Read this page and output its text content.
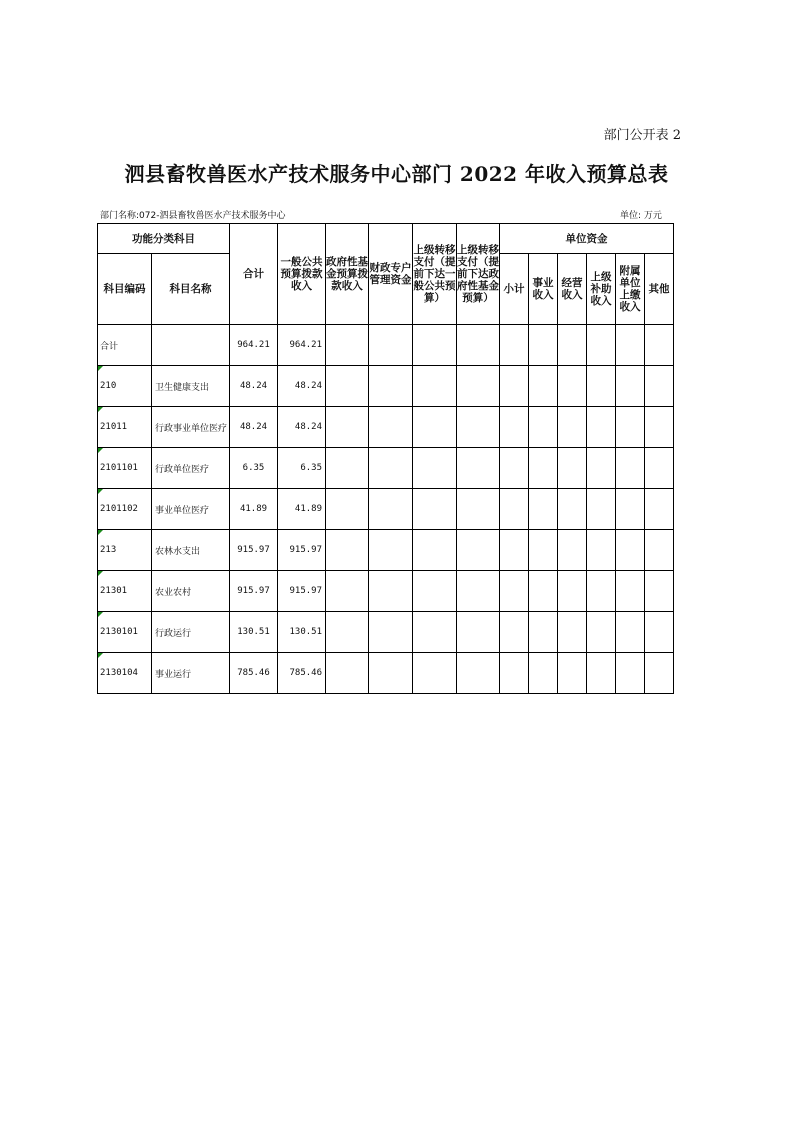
部门公开表 2
泗县畜牧兽医水产技术服务中心部门 2022 年收入预算总表
部门名称:072-泗县畜牧兽医水产技术服务中心	单位: 万元
功能分类科目		合计	一般公共预算拨款收入	政府性基金预算拨款收入	财政专户管理资金	上级转移支付（提前下达一般公共预算）	上级转移支付（提前下达政府性基金预算）	单位资金					
科目编码	科目名称							小计	事业收入	经营收入	上级补助收入	附属单位上缴收入	其他
合计		964.21	964.21										
210	卫生健康支出	48.24	48.24										
21011	行政事业单位医疗	48.24	48.24										
2101101	行政单位医疗	6.35	6.35										
2101102	事业单位医疗	41.89	41.89										
213	农林水支出	915.97	915.97										
21301	农业农村	915.97	915.97										
2130101	行政运行	130.51	130.51										
2130104	事业运行	785.46	785.46										
